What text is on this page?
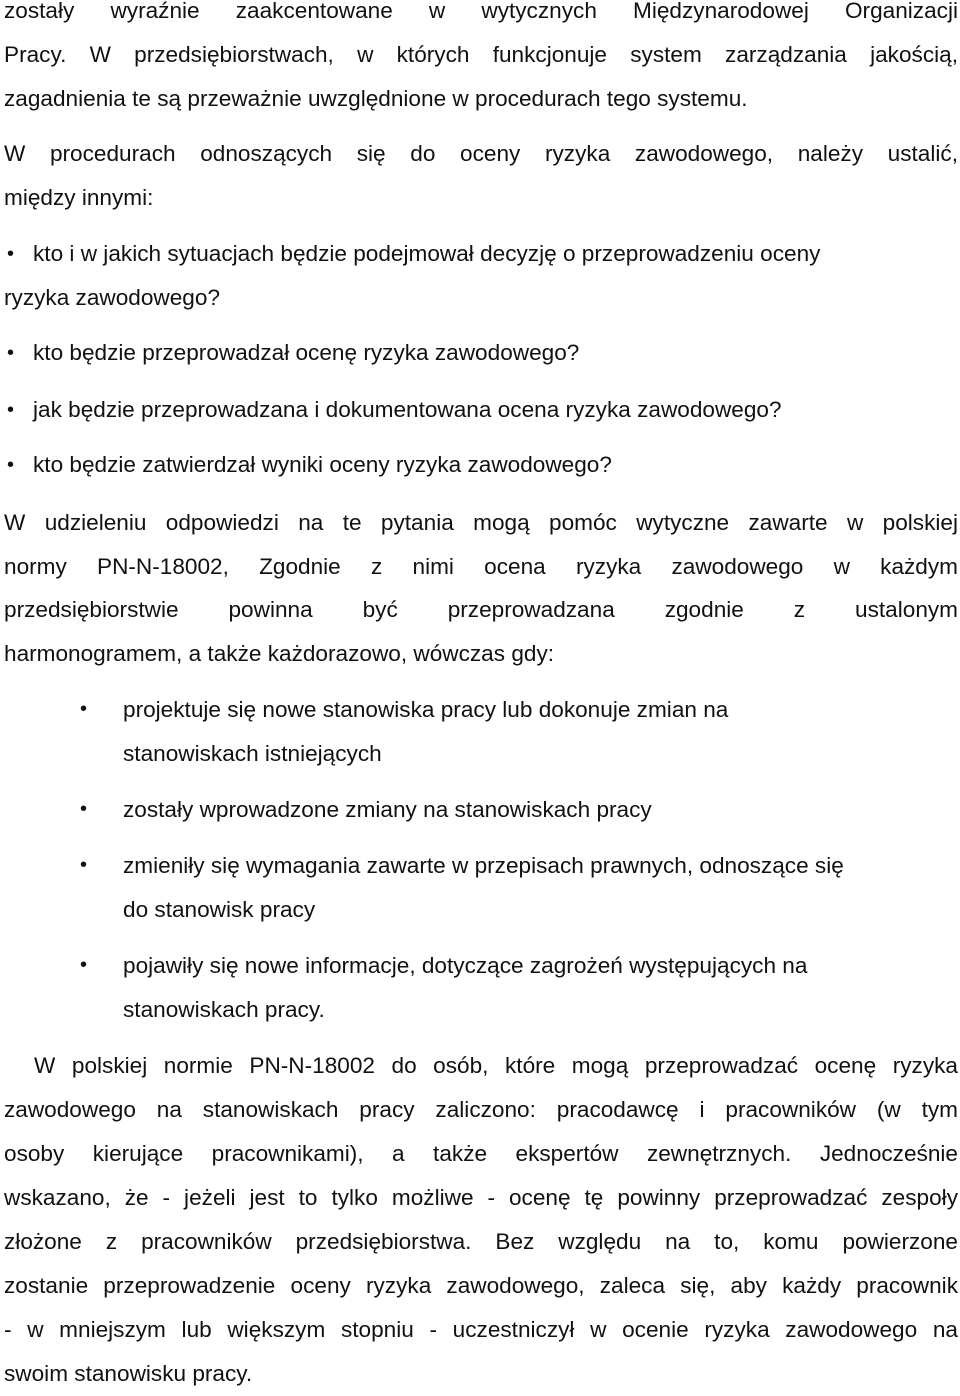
zostały wyraźnie zaakcentowane w wytycznych Międzynarodowej Organizacji
Pracy. W przedsiębiorstwach, w których funkcjonuje system zarządzania jakością,
zagadnienia te są przeważnie uwzględnione w procedurach tego systemu.
W procedurach odnoszących się do oceny ryzyka zawodowego, należy ustalić,
między innymi:
• kto i w jakich sytuacjach będzie podejmował decyzję o przeprowadzeniu oceny
ryzyka zawodowego?
• kto będzie przeprowadzał ocenę ryzyka zawodowego?
• jak będzie przeprowadzana i dokumentowana ocena ryzyka zawodowego?
• kto będzie zatwierdzał wyniki oceny ryzyka zawodowego?
W udzieleniu odpowiedzi na te pytania mogą pomóc wytyczne zawarte w polskiej
normy PN-N-18002, Zgodnie z nimi ocena ryzyka zawodowego w każdym
przedsiębiorstwie powinna być przeprowadzana zgodnie z ustalonym
harmonogramem, a także każdorazowo, wówczas gdy:
• projektuje się nowe stanowiska pracy lub dokonuje zmian na
stanowiskach istniejących
• zostały wprowadzone zmiany na stanowiskach pracy
• zmieniły się wymagania zawarte w przepisach prawnych, odnoszące się
do stanowisk pracy
• pojawiły się nowe informacje, dotyczące zagrożeń występujących na
stanowiskach pracy.
W polskiej normie PN-N-18002 do osób, które mogą przeprowadzać ocenę ryzyka
zawodowego na stanowiskach pracy zaliczono: pracodawcę i pracowników (w tym
osoby kierujące pracownikami), a także ekspertów zewnętrznych. Jednocześnie
wskazano, że - jeżeli jest to tylko możliwe - ocenę tę powinny przeprowadzać zespoły
złożone z pracowników przedsiębiorstwa. Bez względu na to, komu powierzone
zostanie przeprowadzenie oceny ryzyka zawodowego, zaleca się, aby każdy pracownik
- w mniejszym lub większym stopniu - uczestniczył w ocenie ryzyka zawodowego na
swoim stanowisku pracy.
